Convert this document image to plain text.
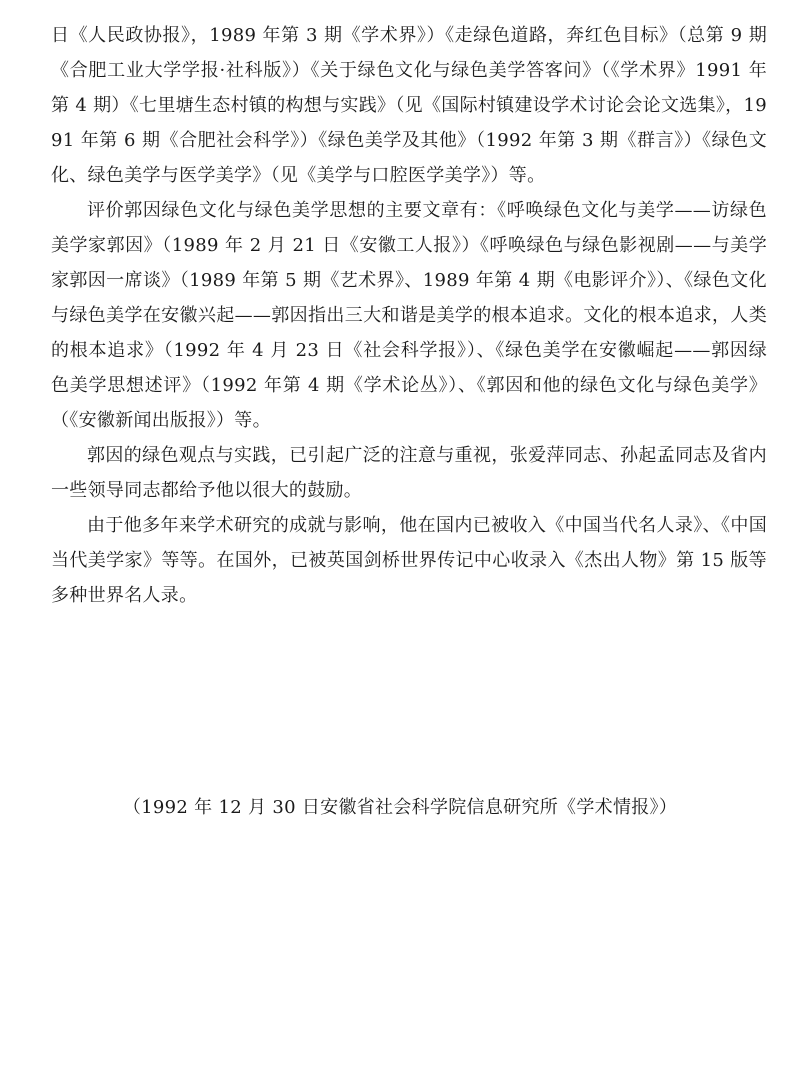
日《人民政协报》，1989 年第 3 期《学术界》）《走绿色道路，奔红色目标》（总第 9 期《合肥工业大学学报·社科版》）《关于绿色文化与绿色美学答客问》（《学术界》1991 年第 4 期）《七里塘生态村镇的构想与实践》（见《国际村镇建设学术讨论会论文选集》，1991 年第 6 期《合肥社会科学》）《绿色美学及其他》（1992 年第 3 期《群言》）《绿色文化、绿色美学与医学美学》（见《美学与口腔医学美学》）等。

评价郭因绿色文化与绿色美学思想的主要文章有：《呼唤绿色文化与美学——访绿色美学家郭因》（1989 年 2 月 21 日《安徽工人报》）《呼唤绿色与绿色影视剧——与美学家郭因一席谈》（1989 年第 5 期《艺术界》、1989 年第 4 期《电影评介》）、《绿色文化与绿色美学在安徽兴起——郭因指出三大和谐是美学的根本追求。文化的根本追求，人类的根本追求》（1992 年 4 月 23 日《社会科学报》）、《绿色美学在安徽崛起——郭因绿色美学思想述评》（1992 年第 4 期《学术论丛》）、《郭因和他的绿色文化与绿色美学》（《安徽新闻出版报》）等。

郭因的绿色观点与实践，已引起广泛的注意与重视，张爱萍同志、孙起孟同志及省内一些领导同志都给予他以很大的鼓励。

由于他多年来学术研究的成就与影响，他在国内已被收入《中国当代名人录》、《中国当代美学家》等等。在国外，已被英国剑桥世界传记中心收录入《杰出人物》第 15 版等多种世界名人录。

（1992 年 12 月 30 日安徽省社会科学院信息研究所《学术情报》）
